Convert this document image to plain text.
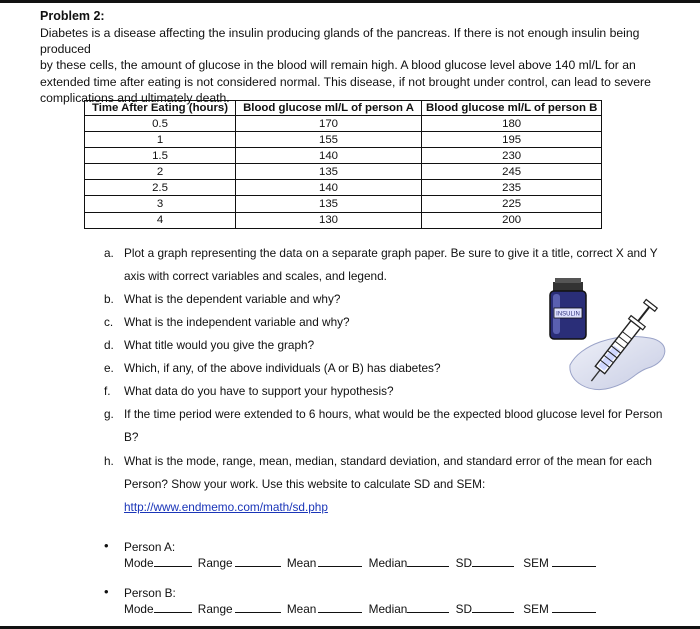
Problem 2:
Diabetes is a disease affecting the insulin producing glands of the pancreas. If there is not enough insulin being produced
by these cells, the amount of glucose in the blood will remain high. A blood glucose level above 140 ml/L for an
extended time after eating is not considered normal. This disease, if not brought under control, can lead to severe
complications and ultimately death.
Time After Eating (hours)	Blood glucose ml/L of person A	Blood glucose ml/L of person B
0.5	170	180
1	155	195
1.5	140	230
2	135	245
2.5	140	235
3	135	225
4	130	200
a. Plot a graph representing the data on a separate graph paper. Be sure to give it a title, correct X and Y
axis with correct variables and scales, and legend.
b. What is the dependent variable and why?
c. What is the independent variable and why?
d. What title would you give the graph?
e. Which, if any, of the above individuals (A or B) has diabetes?
f. What data do you have to support your hypothesis?
g. If the time period were extended to 6 hours, what would be the expected blood glucose level for Person
B?
h. What is the mode, range, mean, median, standard deviation, and standard error of the mean for each
Person? Show your work. Use this website to calculate SD and SEM:
http://www.endmemo.com/math/sd.php
• Person A:
Mode	Range	Mean	Median	SD	SEM
• Person B:
Mode	Range	Mean	Median	SD	SEM
INSULIN
